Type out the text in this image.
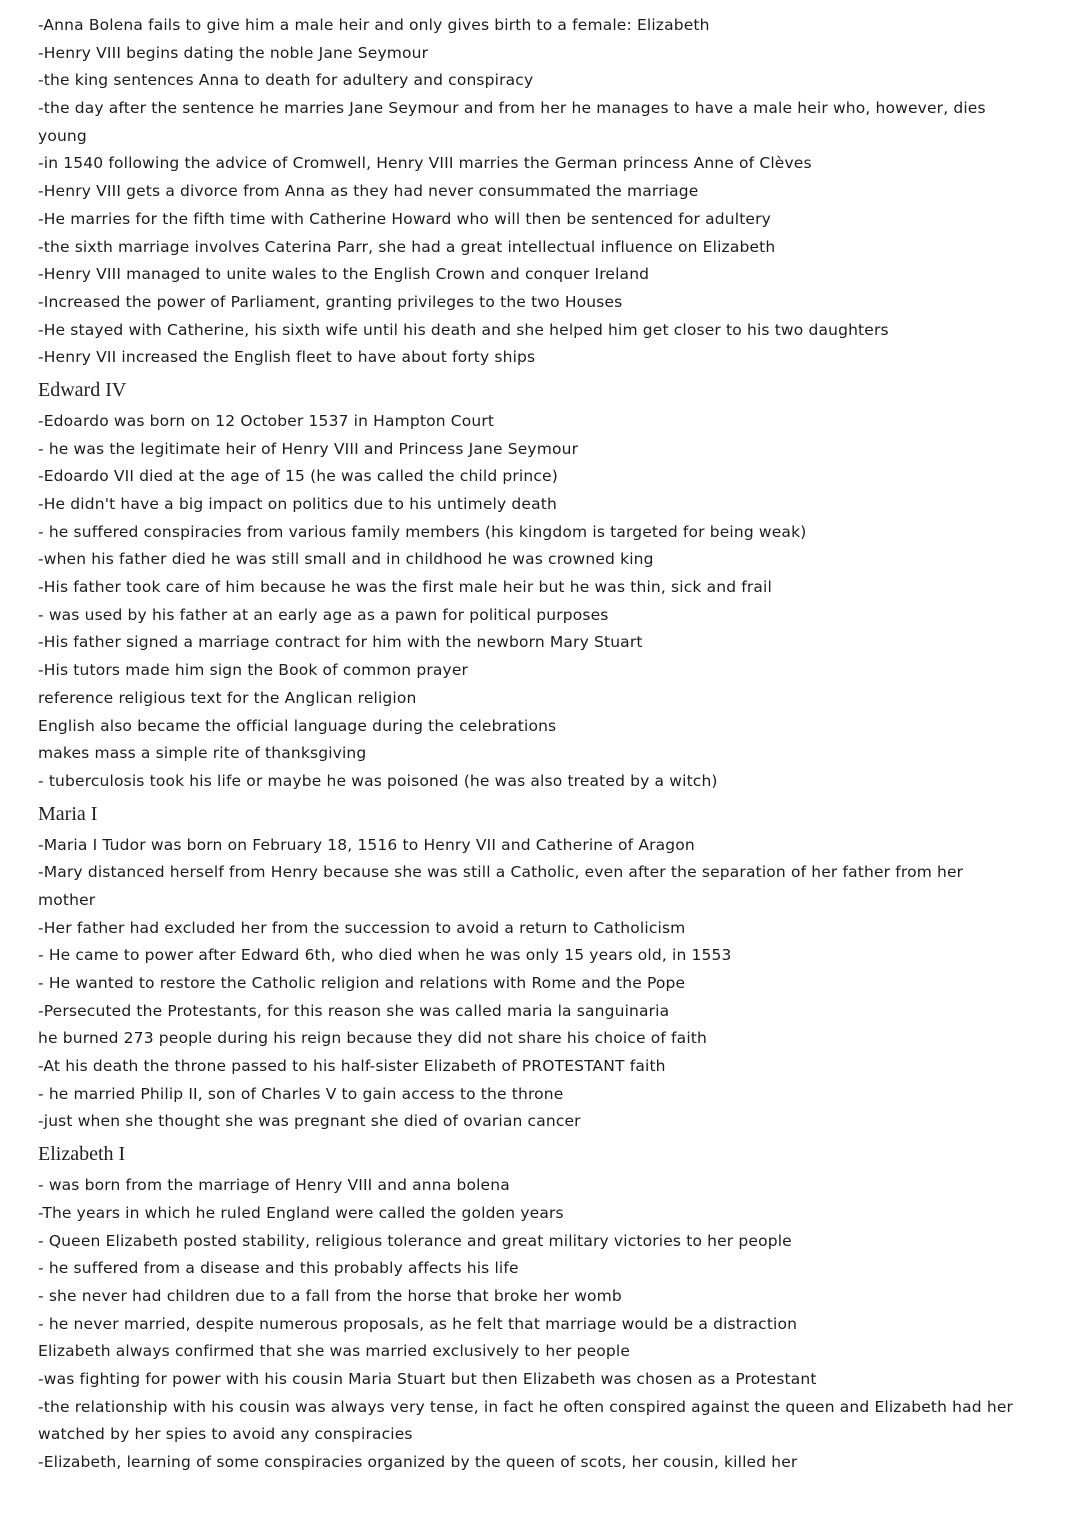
-Anna Bolena fails to give him a male heir and only gives birth to a female: Elizabeth
-Henry VIII begins dating the noble Jane Seymour
-the king sentences Anna to death for adultery and conspiracy
-the day after the sentence he marries Jane Seymour and from her he manages to have a male heir who, however, dies
young
-in 1540 following the advice of Cromwell, Henry VIII marries the German princess Anne of Clèves
-Henry VIII gets a divorce from Anna as they had never consummated the marriage
-He marries for the fifth time with Catherine Howard who will then be sentenced for adultery
-the sixth marriage involves Caterina Parr, she had a great intellectual influence on Elizabeth
-Henry VIII managed to unite wales to the English Crown and conquer Ireland
-Increased the power of Parliament, granting privileges to the two Houses
-He stayed with Catherine, his sixth wife until his death and she helped him get closer to his two daughters
-Henry VII increased the English fleet to have about forty ships
Edward IV
-Edoardo was born on 12 October 1537 in Hampton Court
- he was the legitimate heir of Henry VIII and Princess Jane Seymour
-Edoardo VII died at the age of 15 (he was called the child prince)
-He didn't have a big impact on politics due to his untimely death
- he suffered conspiracies from various family members (his kingdom is targeted for being weak)
-when his father died he was still small and in childhood he was crowned king
-His father took care of him because he was the first male heir but he was thin, sick and frail
- was used by his father at an early age as a pawn for political purposes
-His father signed a marriage contract for him with the newborn Mary Stuart
-His tutors made him sign the Book of common prayer
reference religious text for the Anglican religion
English also became the official language during the celebrations
makes mass a simple rite of thanksgiving
- tuberculosis took his life or maybe he was poisoned (he was also treated by a witch)
Maria I
-Maria I Tudor was born on February 18, 1516 to Henry VII and Catherine of Aragon
-Mary distanced herself from Henry because she was still a Catholic, even after the separation of her father from her
mother
-Her father had excluded her from the succession to avoid a return to Catholicism
- He came to power after Edward 6th, who died when he was only 15 years old, in 1553
- He wanted to restore the Catholic religion and relations with Rome and the Pope
-Persecuted the Protestants, for this reason she was called maria la sanguinaria
he burned 273 people during his reign because they did not share his choice of faith
-At his death the throne passed to his half-sister Elizabeth of PROTESTANT faith
- he married Philip II, son of Charles V to gain access to the throne
-just when she thought she was pregnant she died of ovarian cancer
Elizabeth I
- was born from the marriage of Henry VIII and anna bolena
-The years in which he ruled England were called the golden years
- Queen Elizabeth posted stability, religious tolerance and great military victories to her people
- he suffered from a disease and this probably affects his life
- she never had children due to a fall from the horse that broke her womb
- he never married, despite numerous proposals, as he felt that marriage would be a distraction
Elizabeth always confirmed that she was married exclusively to her people
-was fighting for power with his cousin Maria Stuart but then Elizabeth was chosen as a Protestant
-the relationship with his cousin was always very tense, in fact he often conspired against the queen and Elizabeth had her
watched by her spies to avoid any conspiracies
-Elizabeth, learning of some conspiracies organized by the queen of scots, her cousin, killed her
